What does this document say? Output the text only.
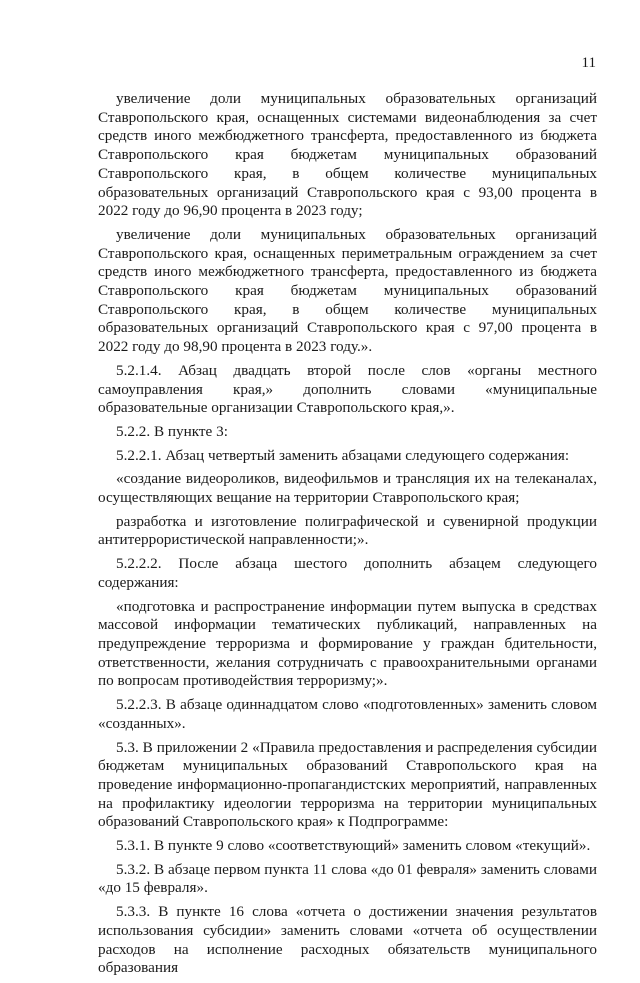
11

увеличение доли муниципальных образовательных организаций Ставропольского края, оснащенных системами видеонаблюдения за счет средств иного межбюджетного трансферта, предоставленного из бюджета Ставропольского края бюджетам муниципальных образований Ставропольского края, в общем количестве муниципальных образовательных организаций Ставропольского края с 93,00 процента в 2022 году до 96,90 процента в 2023 году;

увеличение доли муниципальных образовательных организаций Ставропольского края, оснащенных периметральным ограждением за счет средств иного межбюджетного трансферта, предоставленного из бюджета Ставропольского края бюджетам муниципальных образований Ставропольского края, в общем количестве муниципальных образовательных организаций Ставропольского края с 97,00 процента в 2022 году до 98,90 процента в 2023 году.».

5.2.1.4. Абзац двадцать второй после слов «органы местного самоуправления края,» дополнить словами «муниципальные образовательные организации Ставропольского края,».

5.2.2. В пункте 3:

5.2.2.1. Абзац четвертый заменить абзацами следующего содержания:

«создание видеороликов, видеофильмов и трансляция их на телеканалах, осуществляющих вещание на территории Ставропольского края;

разработка и изготовление полиграфической и сувенирной продукции антитеррористической направленности;».

5.2.2.2. После абзаца шестого дополнить абзацем следующего содержания:

«подготовка и распространение информации путем выпуска в средствах массовой информации тематических публикаций, направленных на предупреждение терроризма и формирование у граждан бдительности, ответственности, желания сотрудничать с правоохранительными органами по вопросам противодействия терроризму;».

5.2.2.3. В абзаце одиннадцатом слово «подготовленных» заменить словом «созданных».

5.3. В приложении 2 «Правила предоставления и распределения субсидии бюджетам муниципальных образований Ставропольского края на проведение информационно-пропагандистских мероприятий, направленных на профилактику идеологии терроризма на территории муниципальных образований Ставропольского края» к Подпрограмме:

5.3.1. В пункте 9 слово «соответствующий» заменить словом «текущий».

5.3.2. В абзаце первом пункта 11 слова «до 01 февраля» заменить словами «до 15 февраля».

5.3.3. В пункте 16 слова «отчета о достижении значения результатов использования субсидии» заменить словами «отчета об осуществлении расходов на исполнение расходных обязательств муниципального образования
